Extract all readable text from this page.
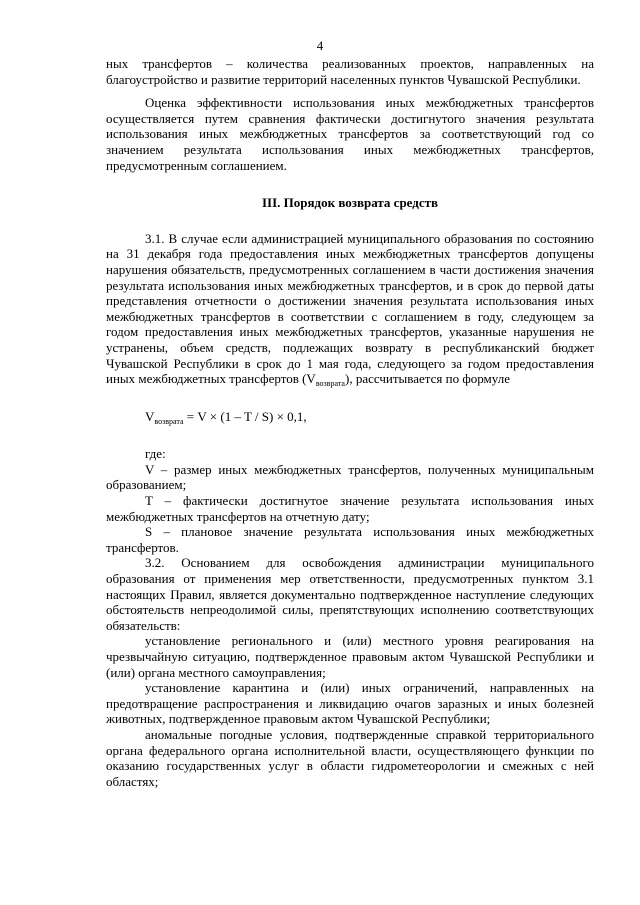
4

ных трансфертов – количества реализованных проектов, направленных на благоустройство и развитие территорий населенных пунктов Чувашской Республики.

Оценка эффективности использования иных межбюджетных трансфертов осуществляется путем сравнения фактически достигнутого значения результата использования иных межбюджетных трансфертов за соответствующий год со значением результата использования иных межбюджетных трансфертов, предусмотренным соглашением.

III. Порядок возврата средств

3.1. В случае если администрацией муниципального образования по состоянию на 31 декабря года предоставления иных межбюджетных трансфертов допущены нарушения обязательств, предусмотренных соглашением в части достижения значения результата использования иных межбюджетных трансфертов, и в срок до первой даты представления отчетности о достижении значения результата использования иных межбюджетных трансфертов в соответствии с соглашением в году, следующем за годом предоставления иных межбюджетных трансфертов, указанные нарушения не устранены, объем средств, подлежащих возврату в республиканский бюджет Чувашской Республики в срок до 1 мая года, следующего за годом предоставления иных межбюджетных трансфертов $(V_{возврата})$, рассчитывается по формуле

$V_{возврата} = V \times (1 - T / S) \times 0,1$,

где:

V – размер иных межбюджетных трансфертов, полученных муниципальным образованием;

T – фактически достигнутое значение результата использования иных межбюджетных трансфертов на отчетную дату;

S – плановое значение результата использования иных межбюджетных трансфертов.

3.2. Основанием для освобождения администрации муниципального образования от применения мер ответственности, предусмотренных пунктом 3.1 настоящих Правил, является документально подтвержденное наступление следующих обстоятельств непреодолимой силы, препятствующих исполнению соответствующих обязательств:

установление регионального и (или) местного уровня реагирования на чрезвычайную ситуацию, подтвержденное правовым актом Чувашской Республики и (или) органа местного самоуправления;

установление карантина и (или) иных ограничений, направленных на предотвращение распространения и ликвидацию очагов заразных и иных болезней животных, подтвержденное правовым актом Чувашской Республики;

аномальные погодные условия, подтвержденные справкой территориального органа федерального органа исполнительной власти, осуществляющего функции по оказанию государственных услуг в области гидрометеорологии и смежных с ней областях;
